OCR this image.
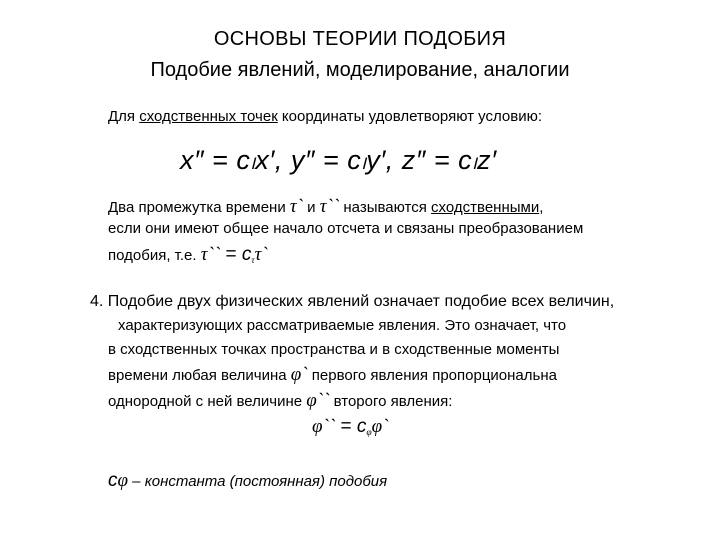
ОСНОВЫ ТЕОРИИ ПОДОБИЯ
Подобие явлений, моделирование, аналогии
Для сходственных точек координаты удовлетворяют условию:
x″ = cₗx′, y″ = cₗy′, z″ = cₗz′
Два промежутка времени τ` и τ`` называются сходственными,
если они имеют общее начало отсчета и связаны преобразованием
подобия, т.е. τ`` = $c_\tau\tau`$
4. Подобие двух физических явлений означает подобие всех величин,
характеризующих рассматриваемые явления. Это означает, что
в сходственных точках пространства и в сходственные моменты
времени любая величина φ` первого явления пропорциональна
однородной с ней величине φ`` второго явления:
φ`` = $c_\varphi\varphi`$
cφ – константа (постоянная) подобия
